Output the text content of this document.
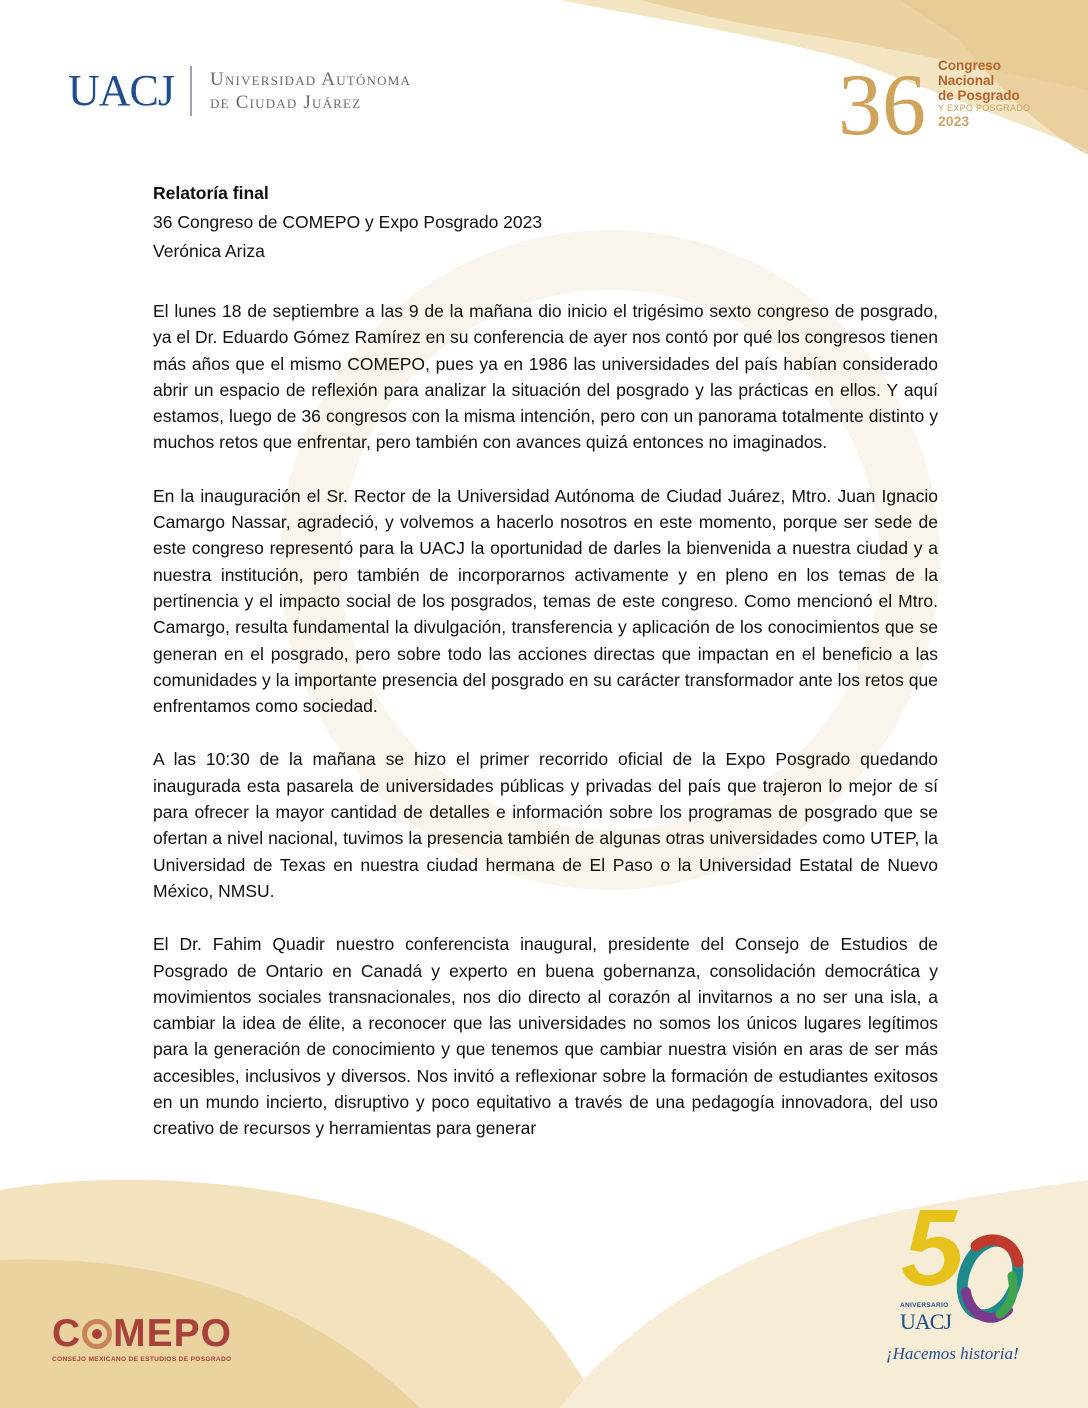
UACJ Universidad Autónoma
de Ciudad Juárez	36 Congreso
Nacional
de Posgrado
Y EXPO POSGRADO
2023

Relatoría final

36 Congreso de COMEPO y Expo Posgrado 2023

Verónica Ariza

El lunes 18 de septiembre a las 9 de la mañana dio inicio el trigésimo sexto congreso de posgrado, ya el Dr. Eduardo Gómez Ramírez en su conferencia de ayer nos contó por qué los congresos tienen más años que el mismo COMEPO, pues ya en 1986 las universidades del país habían considerado abrir un espacio de reflexión para analizar la situación del posgrado y las prácticas en ellos. Y aquí estamos, luego de 36 congresos con la misma intención, pero con un panorama totalmente distinto y muchos retos que enfrentar, pero también con avances quizá entonces no imaginados.

En la inauguración el Sr. Rector de la Universidad Autónoma de Ciudad Juárez, Mtro. Juan Ignacio Camargo Nassar, agradeció, y volvemos a hacerlo nosotros en este momento, porque ser sede de este congreso representó para la UACJ la oportunidad de darles la bienvenida a nuestra ciudad y a nuestra institución, pero también de incorporarnos activamente y en pleno en los temas de la pertinencia y el impacto social de los posgrados, temas de este congreso. Como mencionó el Mtro. Camargo, resulta fundamental la divulgación, transferencia y aplicación de los conocimientos que se generan en el posgrado, pero sobre todo las acciones directas que impactan en el beneficio a las comunidades y la importante presencia del posgrado en su carácter transformador ante los retos que enfrentamos como sociedad.

A las 10:30 de la mañana se hizo el primer recorrido oficial de la Expo Posgrado quedando inaugurada esta pasarela de universidades públicas y privadas del país que trajeron lo mejor de sí para ofrecer la mayor cantidad de detalles e información sobre los programas de posgrado que se ofertan a nivel nacional, tuvimos la presencia también de algunas otras universidades como UTEP, la Universidad de Texas en nuestra ciudad hermana de El Paso o la Universidad Estatal de Nuevo México, NMSU.

El Dr. Fahim Quadir nuestro conferencista inaugural, presidente del Consejo de Estudios de Posgrado de Ontario en Canadá y experto en buena gobernanza, consolidación democrática y movimientos sociales transnacionales, nos dio directo al corazón al invitarnos a no ser una isla, a cambiar la idea de élite, a reconocer que las universidades no somos los únicos lugares legítimos para la generación de conocimiento y que tenemos que cambiar nuestra visión en aras de ser más accesibles, inclusivos y diversos. Nos invitó a reflexionar sobre la formación de estudiantes exitosos en un mundo incierto, disruptivo y poco equitativo a través de una pedagogía innovadora, del uso creativo de recursos y herramientas para generar

C MEPO
CONSEJO MEXICANO DE ESTUDIOS DE POSGRADO
ANIVERSARIO
UACJ
¡Hacemos historia!
